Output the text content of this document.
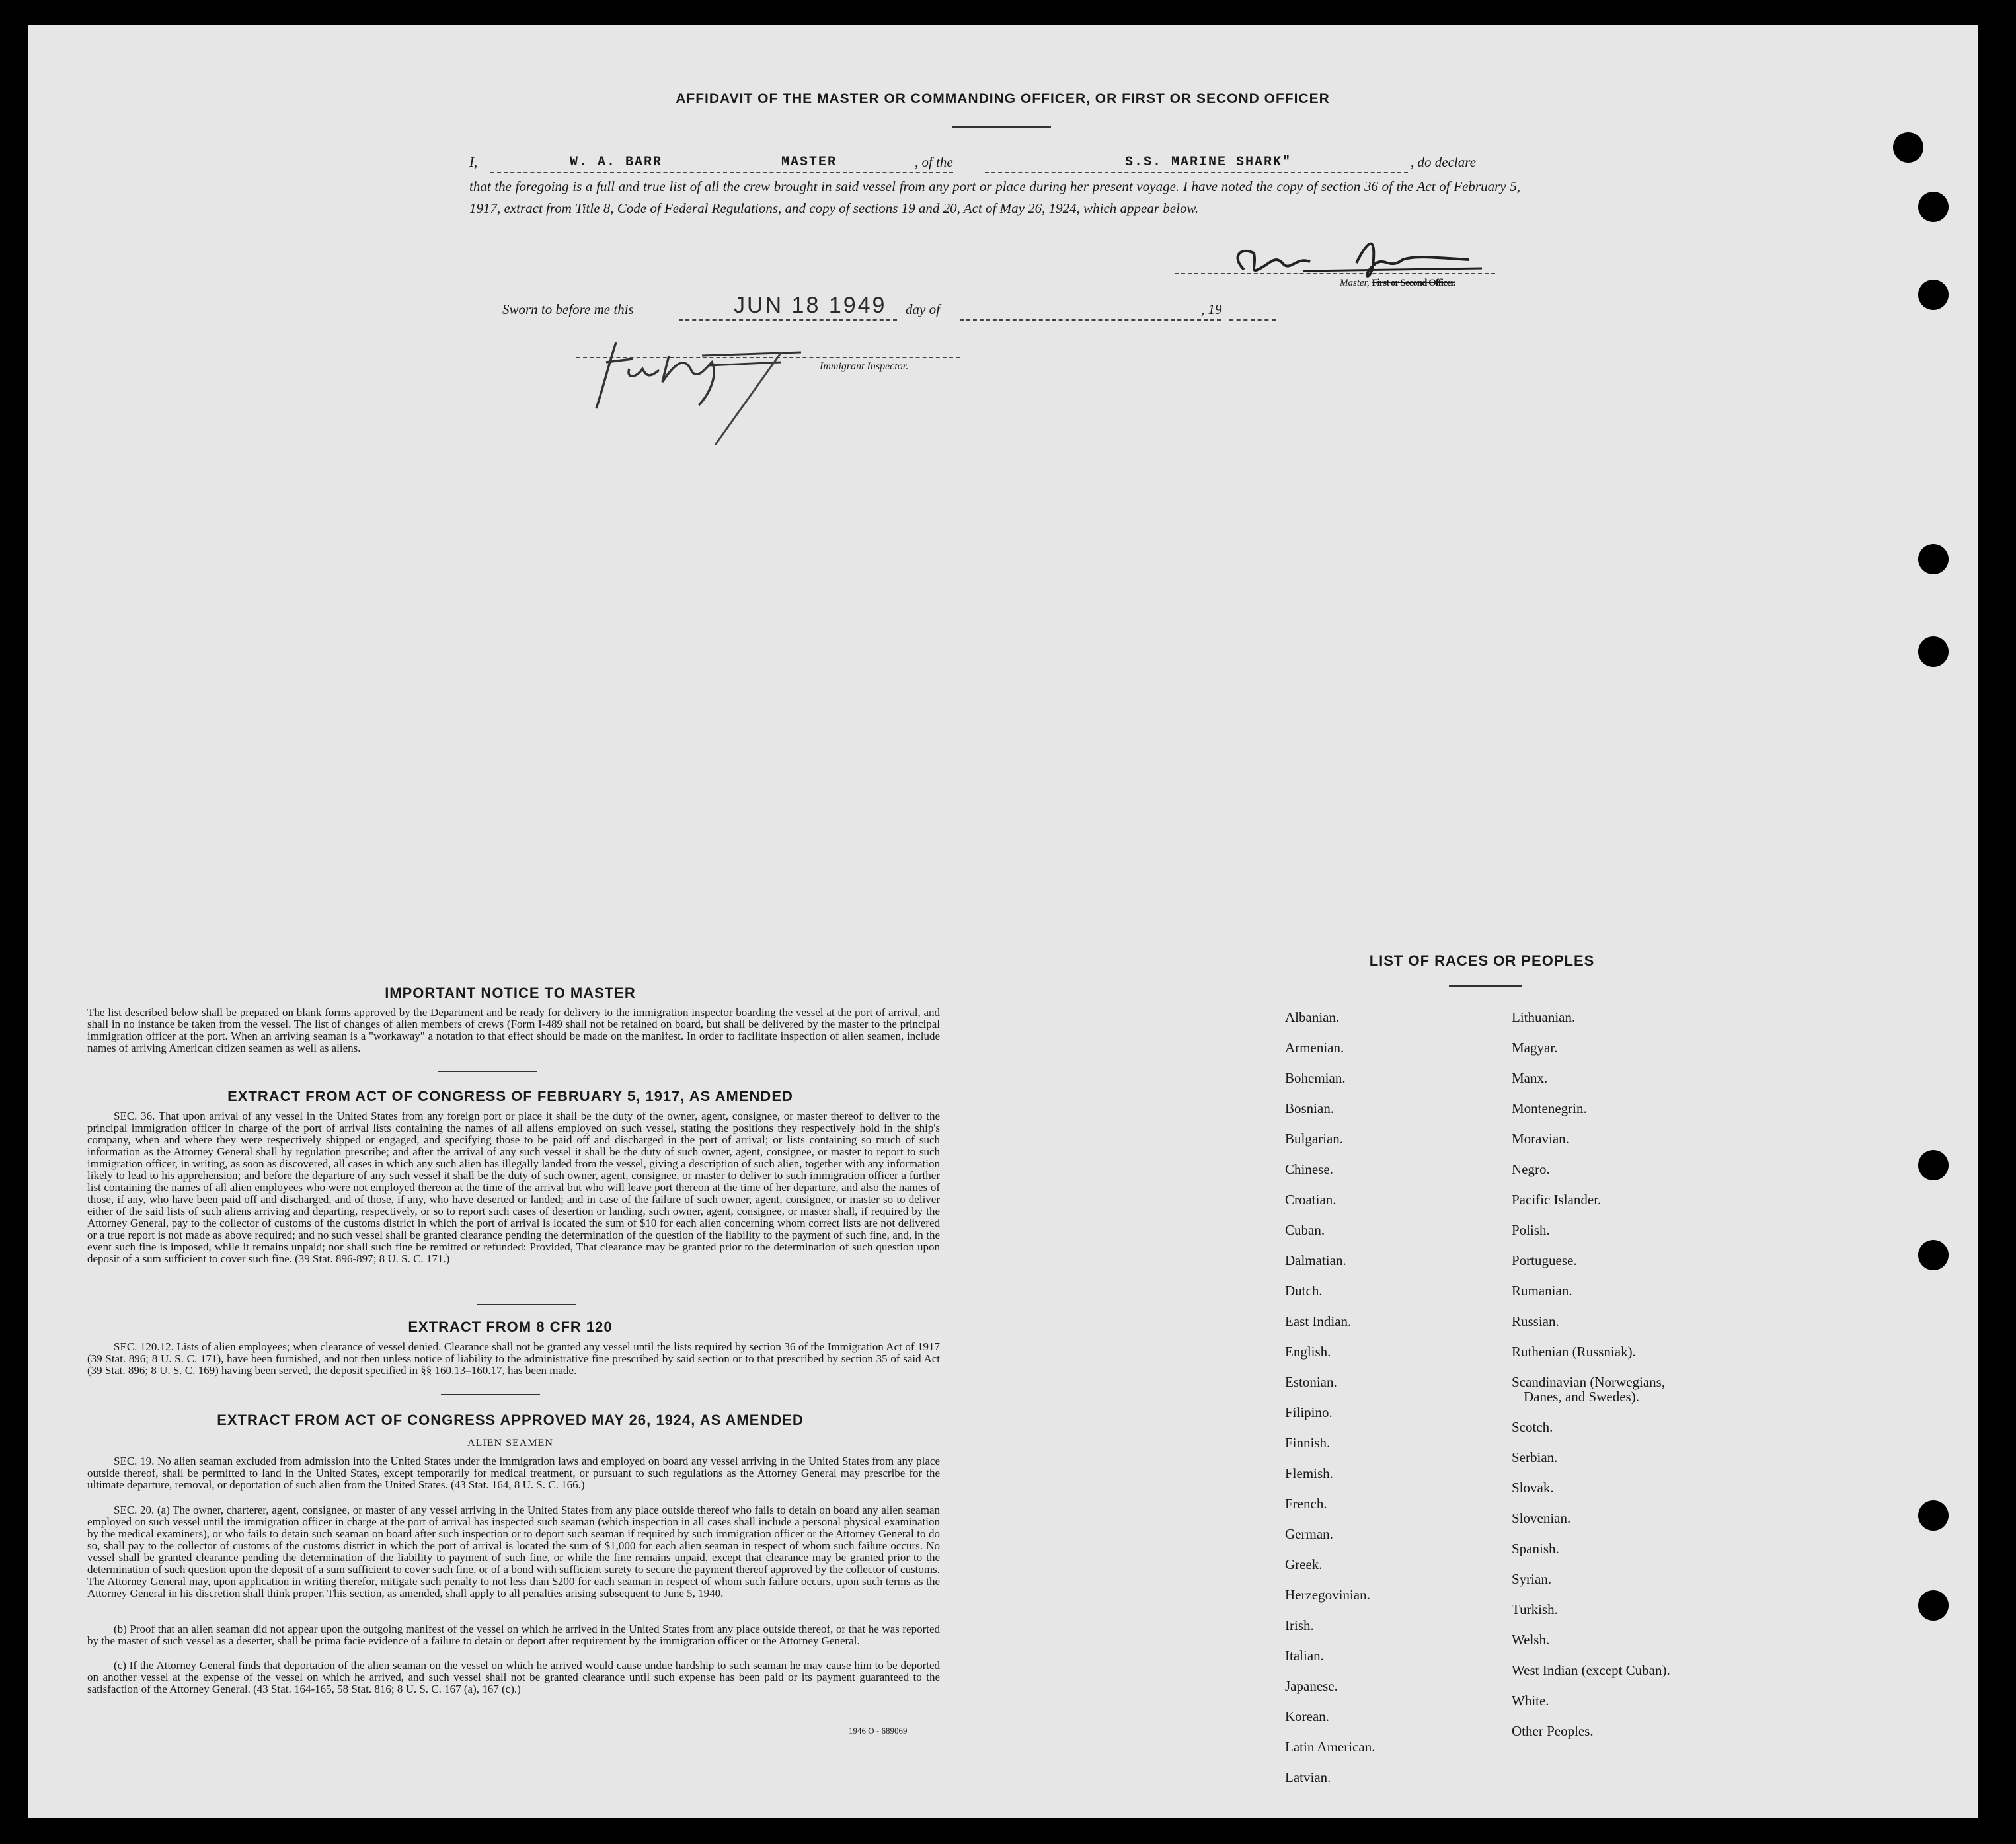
AFFIDAVIT OF THE MASTER OR COMMANDING OFFICER, OR FIRST OR SECOND OFFICER
I,	W. A. BARR	MASTER	, of the	S.S. MARINE SHARK"	, do declare
that the foregoing is a full and true list of all the crew brought in said vessel from any port or place during her present voyage. I have noted the copy of section 36 of the Act of February 5, 1917, extract from Title 8, Code of Federal Regulations, and copy of sections 19 and 20, Act of May 26, 1924, which appear below.
Master, First or Second Officer.
Sworn to before me this	JUN 18 1949 day of	, 19
Immigrant Inspector.
IMPORTANT NOTICE TO MASTER
The list described below shall be prepared on blank forms approved by the Department and be ready for delivery to the immigration inspector boarding the vessel at the port of arrival, and shall in no instance be taken from the vessel. The list of changes of alien members of crews (Form I-489 shall not be retained on board, but shall be delivered by the master to the principal immigration officer at the port. When an arriving seaman is a "workaway" a notation to that effect should be made on the manifest. In order to facilitate inspection of alien seamen, include names of arriving American citizen seamen as well as aliens.
EXTRACT FROM ACT OF CONGRESS OF FEBRUARY 5, 1917, AS AMENDED
SEC. 36. That upon arrival of any vessel in the United States from any foreign port or place it shall be the duty of the owner, agent, consignee, or master thereof to deliver to the principal immigration officer in charge of the port of arrival lists containing the names of all aliens employed on such vessel, stating the positions they respectively hold in the ship's company, when and where they were respectively shipped or engaged, and specifying those to be paid off and discharged in the port of arrival; or lists containing so much of such information as the Attorney General shall by regulation prescribe; and after the arrival of any such vessel it shall be the duty of such owner, agent, consignee, or master to report to such immigration officer, in writing, as soon as discovered, all cases in which any such alien has illegally landed from the vessel, giving a description of such alien, together with any information likely to lead to his apprehension; and before the departure of any such vessel it shall be the duty of such owner, agent, consignee, or master to deliver to such immigration officer a further list containing the names of all alien employees who were not employed thereon at the time of the arrival but who will leave port thereon at the time of her departure, and also the names of those, if any, who have been paid off and discharged, and of those, if any, who have deserted or landed; and in case of the failure of such owner, agent, consignee, or master so to deliver either of the said lists of such aliens arriving and departing, respectively, or so to report such cases of desertion or landing, such owner, agent, consignee, or master shall, if required by the Attorney General, pay to the collector of customs of the customs district in which the port of arrival is located the sum of $10 for each alien concerning whom correct lists are not delivered or a true report is not made as above required; and no such vessel shall be granted clearance pending the determination of the question of the liability to the payment of such fine, and, in the event such fine is imposed, while it remains unpaid; nor shall such fine be remitted or refunded: Provided, That clearance may be granted prior to the determination of such question upon deposit of a sum sufficient to cover such fine. (39 Stat. 896-897; 8 U. S. C. 171.)
EXTRACT FROM 8 CFR 120
SEC. 120.12. Lists of alien employees; when clearance of vessel denied. Clearance shall not be granted any vessel until the lists required by section 36 of the Immigration Act of 1917 (39 Stat. 896; 8 U. S. C. 171), have been furnished, and not then unless notice of liability to the administrative fine prescribed by said section or to that prescribed by section 35 of said Act (39 Stat. 896; 8 U. S. C. 169) having been served, the deposit specified in §§ 160.13–160.17, has been made.
EXTRACT FROM ACT OF CONGRESS APPROVED MAY 26, 1924, AS AMENDED
ALIEN SEAMEN
SEC. 19. No alien seaman excluded from admission into the United States under the immigration laws and employed on board any vessel arriving in the United States from any place outside thereof, shall be permitted to land in the United States, except temporarily for medical treatment, or pursuant to such regulations as the Attorney General may prescribe for the ultimate departure, removal, or deportation of such alien from the United States. (43 Stat. 164, 8 U. S. C. 166.)
SEC. 20. (a) The owner, charterer, agent, consignee, or master of any vessel arriving in the United States from any place outside thereof who fails to detain on board any alien seaman employed on such vessel until the immigration officer in charge at the port of arrival has inspected such seaman (which inspection in all cases shall include a personal physical examination by the medical examiners), or who fails to detain such seaman on board after such inspection or to deport such seaman if required by such immigration officer or the Attorney General to do so, shall pay to the collector of customs of the customs district in which the port of arrival is located the sum of $1,000 for each alien seaman in respect of whom such failure occurs. No vessel shall be granted clearance pending the determination of the liability to payment of such fine, or while the fine remains unpaid, except that clearance may be granted prior to the determination of such question upon the deposit of a sum sufficient to cover such fine, or of a bond with sufficient surety to secure the payment thereof approved by the collector of customs. The Attorney General may, upon application in writing therefor, mitigate such penalty to not less than $200 for each seaman in respect of whom such failure occurs, upon such terms as the Attorney General in his discretion shall think proper. This section, as amended, shall apply to all penalties arising subsequent to June 5, 1940.
(b) Proof that an alien seaman did not appear upon the outgoing manifest of the vessel on which he arrived in the United States from any place outside thereof, or that he was reported by the master of such vessel as a deserter, shall be prima facie evidence of a failure to detain or deport after requirement by the immigration officer or the Attorney General.
(c) If the Attorney General finds that deportation of the alien seaman on the vessel on which he arrived would cause undue hardship to such seaman he may cause him to be deported on another vessel at the expense of the vessel on which he arrived, and such vessel shall not be granted clearance until such expense has been paid or its payment guaranteed to the satisfaction of the Attorney General. (43 Stat. 164-165, 58 Stat. 816; 8 U. S. C. 167 (a), 167 (c).)
1946 O - 689069
LIST OF RACES OR PEOPLES
Albanian.
Armenian.
Bohemian.
Bosnian.
Bulgarian.
Chinese.
Croatian.
Cuban.
Dalmatian.
Dutch.
East Indian.
English.
Estonian.
Filipino.
Finnish.
Flemish.
French.
German.
Greek.
Herzegovinian.
Irish.
Italian.
Japanese.
Korean.
Latin American.
Latvian.
Lithuanian.
Magyar.
Manx.
Montenegrin.
Moravian.
Negro.
Pacific Islander.
Polish.
Portuguese.
Rumanian.
Russian.
Ruthenian (Russniak).
Scandinavian (Norwegians,
Danes, and Swedes).
Scotch.
Serbian.
Slovak.
Slovenian.
Spanish.
Syrian.
Turkish.
Welsh.
West Indian (except Cuban).
White.
Other Peoples.
